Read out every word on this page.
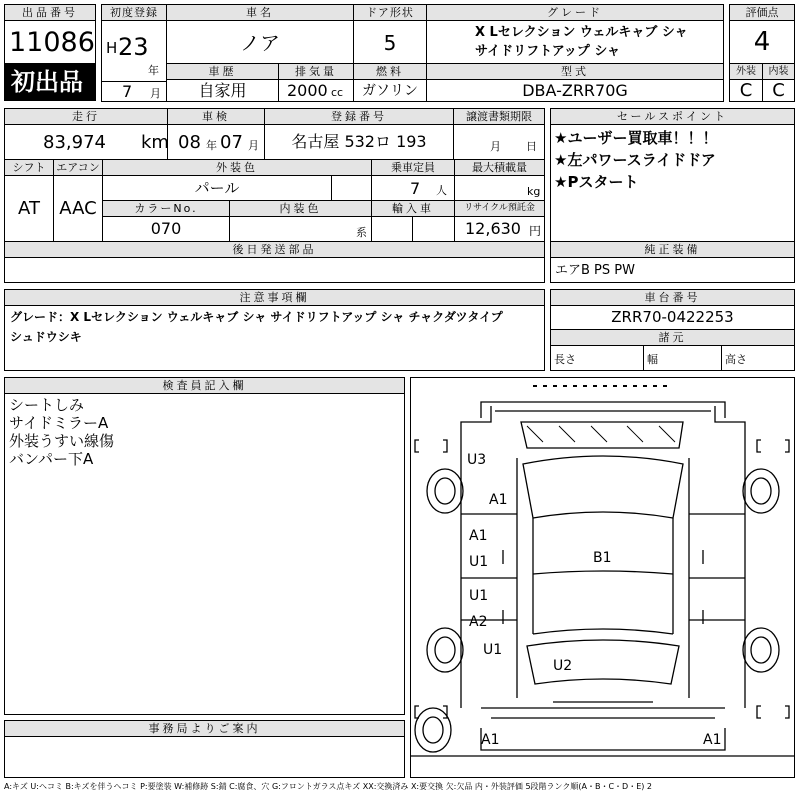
出品番号
11086
初出品
初度登録
H 23
年
7 月
車名
ノア
ドア形状
5
グレード
X Lセレクション ウェルキャブ シャ
サイドリフトアップ シャ
評価点
4
車歴
自家用
排気量
2000 cc
燃料
ガソリン
型式
DBA-ZRR70G
外装	内装
C	C
走行
83,974 km
車検
08 年 07 月
登録番号
名古屋 532ロ 193
譲渡書類期限
月 日
セールスポイント
★ユーザー買取車！！！
★左パワースライドドア
★Pスタート
シフト
AT
エアコン
AAC
外装色
パール
乗車定員
7 人
最大積載量
kg
カラーNo.
070
内装色
系
輸入車	リサイクル預託金
12,630 円
後日発送部品	純正装備
エアB PS PW
注意事項欄
グレード：X Lセレクション ウェルキャブ シャ サイドリフトアップ シャ チャクダツタイプ
シュドウシキ
車台番号
ZRR70-0422253
諸元
長さ	幅	高さ
検査員記入欄
シートしみ
サイドミラーA
外装うすい線傷
バンパー下A
事務局よりご案内
U3
A1
A1
U1
U1
A2
U1
B1
U2
A1	A1
A:キズ U:ヘコミ B:キズを伴うヘコミ P:要塗装 W:補修跡 S:錆 C:腐食、穴 G:フロントガラス点キズ XX:交換済み X:要交換 欠:欠品 内・外装評価 5段階ランク順(A・B・C・D・E) 2
